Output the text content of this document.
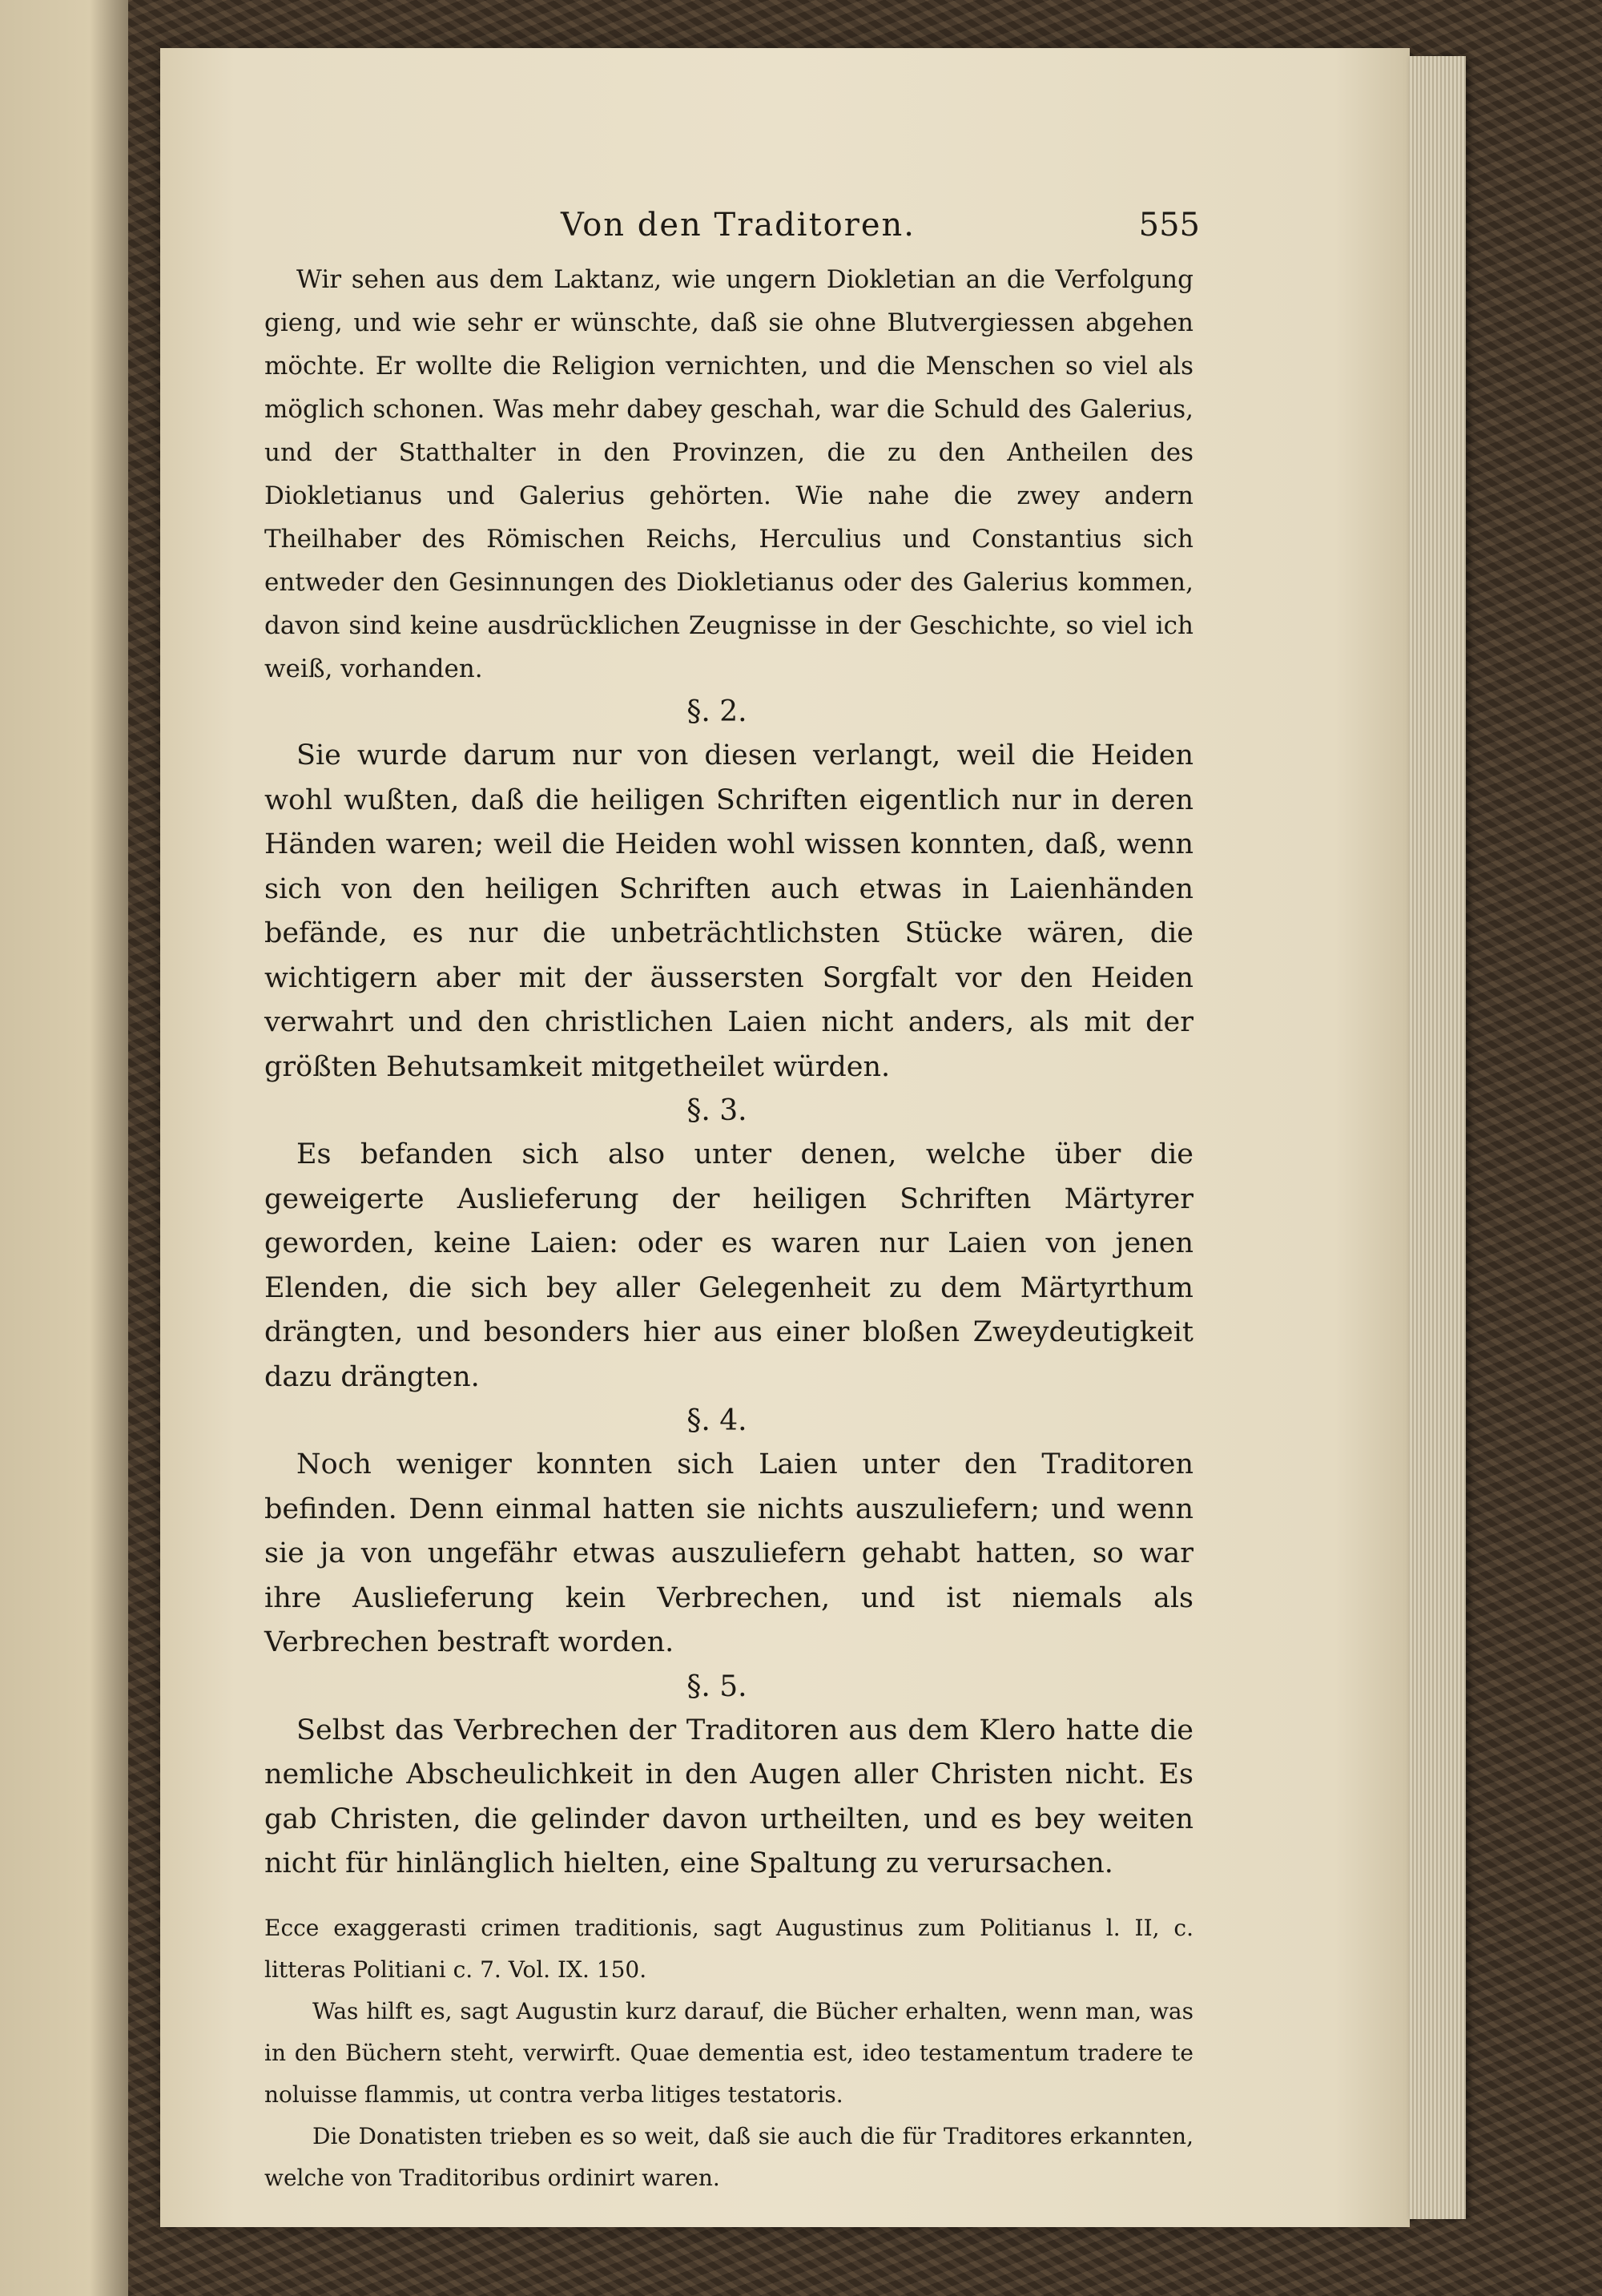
Von den Traditoren.	555

Wir sehen aus dem Laktanz, wie ungern Diokletian an die Verfolgung gieng, und wie sehr er wünschte, daß sie ohne Blutvergiessen abgehen möchte. Er wollte die Religion vernichten, und die Menschen so viel als möglich schonen. Was mehr dabey geschah, war die Schuld des Galerius, und der Statthalter in den Provinzen, die zu den Antheilen des Diokletianus und Galerius gehörten. Wie nahe die zwey andern Theilhaber des Römischen Reichs, Herculius und Constantius sich entweder den Gesinnungen des Diokletianus oder des Galerius kommen, davon sind keine ausdrücklichen Zeugnisse in der Geschichte, so viel ich weiß, vorhanden.

§. 2.

Sie wurde darum nur von diesen verlangt, weil die Heiden wohl wußten, daß die heiligen Schriften eigentlich nur in deren Händen waren; weil die Heiden wohl wissen konnten, daß, wenn sich von den heiligen Schriften auch etwas in Laienhänden befände, es nur die unbeträchtlichsten Stücke wären, die wichtigern aber mit der äussersten Sorgfalt vor den Heiden verwahrt und den christlichen Laien nicht anders, als mit der größten Behutsamkeit mitgetheilet würden.

§. 3.

Es befanden sich also unter denen, welche über die geweigerte Auslieferung der heiligen Schriften Märtyrer geworden, keine Laien: oder es waren nur Laien von jenen Elenden, die sich bey aller Gelegenheit zu dem Märtyrthum drängten, und besonders hier aus einer bloßen Zweydeutigkeit dazu drängten.

§. 4.

Noch weniger konnten sich Laien unter den Traditoren befinden. Denn einmal hatten sie nichts auszuliefern; und wenn sie ja von ungefähr etwas auszuliefern gehabt hatten, so war ihre Auslieferung kein Verbrechen, und ist niemals als Verbrechen bestraft worden.

§. 5.

Selbst das Verbrechen der Traditoren aus dem Klero hatte die nemliche Abscheulichkeit in den Augen aller Christen nicht. Es gab Christen, die gelinder davon urtheilten, und es bey weiten nicht für hinlänglich hielten, eine Spaltung zu verursachen.

Ecce exaggerasti crimen traditionis, sagt Augustinus zum Politianus l. II, c. litteras Politiani c. 7. Vol. IX. 150.

Was hilft es, sagt Augustin kurz darauf, die Bücher erhalten, wenn man, was in den Büchern steht, verwirft. Quae dementia est, ideo testamentum tradere te noluisse flammis, ut contra verba litiges testatoris.

Die Donatisten trieben es so weit, daß sie auch die für Traditores erkannten, welche von Traditoribus ordinirt waren.
